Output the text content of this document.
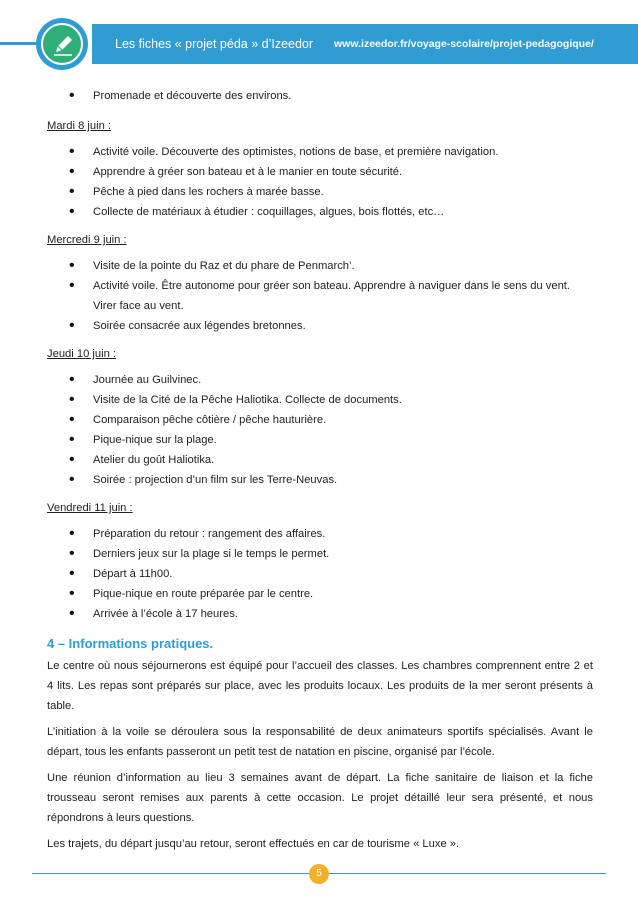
Les fiches « projet péda » d’Izeedor www.izeedor.fr/voyage-scolaire/projet-pedagogique/
• Promenade et découverte des environs.

Mardi 8 juin :

• Activité voile. Découverte des optimistes, notions de base, et première navigation.
• Apprendre à gréer son bateau et à le manier en toute sécurité.
• Pêche à pied dans les rochers à marée basse.
• Collecte de matériaux à étudier : coquillages, algues, bois flottés, etc…

Mercredi 9 juin :

• Visite de la pointe du Raz et du phare de Penmarch’.
• Activité voile. Être autonome pour gréer son bateau. Apprendre à naviguer dans le sens du vent. Virer face au vent.
• Soirée consacrée aux légendes bretonnes.

Jeudi 10 juin :

• Journée au Guilvinec.
• Visite de la Cité de la Pêche Haliotika. Collecte de documents.
• Comparaison pêche côtière / pêche hauturière.
• Pique-nique sur la plage.
• Atelier du goût Haliotika.
• Soirée : projection d’un film sur les Terre-Neuvas.

Vendredi 11 juin :

• Préparation du retour : rangement des affaires.
• Derniers jeux sur la plage si le temps le permet.
• Départ à 11h00.
• Pique-nique en route préparée par le centre.
• Arrivée à l’école à 17 heures.

4 – Informations pratiques.

Le centre où nous séjournerons est équipé pour l’accueil des classes. Les chambres comprennent entre 2 et 4 lits. Les repas sont préparés sur place, avec les produits locaux. Les produits de la mer seront présents à table.

L’initiation à la voile se déroulera sous la responsabilité de deux animateurs sportifs spécialisés. Avant le départ, tous les enfants passeront un petit test de natation en piscine, organisé par l’école.

Une réunion d’information au lieu 3 semaines avant de départ. La fiche sanitaire de liaison et la fiche trousseau seront remises aux parents à cette occasion. Le projet détaillé leur sera présenté, et nous répondrons à leurs questions.

Les trajets, du départ jusqu’au retour, seront effectués en car de tourisme « Luxe ».

5
